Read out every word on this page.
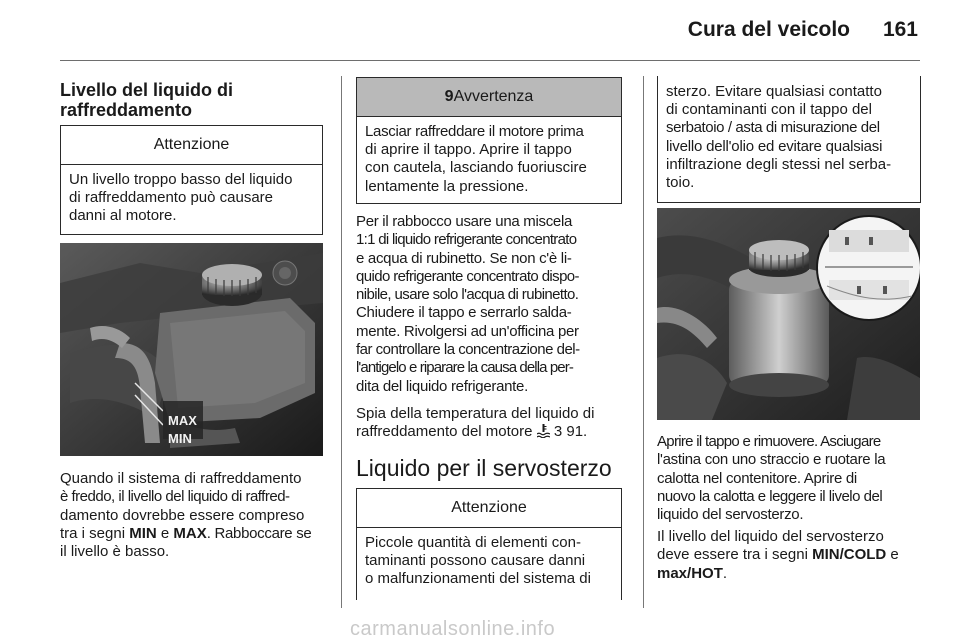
Cura del veicolo 161
Livello del liquido di
raffreddamento
Attenzione
Un livello troppo basso del liquido
di raffreddamento può causare
danni al motore.
MAX
MIN

Quando il sistema di raffreddamento
è freddo, il livello del liquido di raffred-
damento dovrebbe essere compreso
tra i segni MIN e MAX. Rabboccare se
il livello è basso.

9Avvertenza
Lasciar raffreddare il motore prima
di aprire il tappo. Aprire il tappo
con cautela, lasciando fuoriuscire
lentamente la pressione.

Per il rabbocco usare una miscela
1:1 di liquido refrigerante concentrato
e acqua di rubinetto. Se non c'è li-
quido refrigerante concentrato dispo-
nibile, usare solo l'acqua di rubinetto.
Chiudere il tappo e serrarlo salda-
mente. Rivolgersi ad un'officina per
far controllare la concentrazione del-
l'antigelo e riparare la causa della per-
dita del liquido refrigerante.

Spia della temperatura del liquido di
raffreddamento del motore 3 91.

Liquido per il servosterzo
Attenzione
Piccole quantità di elementi con-
taminanti possono causare danni
o malfunzionamenti del sistema di
sterzo. Evitare qualsiasi contatto
di contaminanti con il tappo del
serbatoio / asta di misurazione del
livello dell'olio ed evitare qualsiasi
infiltrazione degli stessi nel serba-
toio.

Aprire il tappo e rimuovere. Asciugare
l'astina con uno straccio e ruotare la
calotta nel contenitore. Aprire di
nuovo la calotta e leggere il livelo del
liquido del servosterzo.

Il livello del liquido del servosterzo
deve essere tra i segni MIN/COLD e
max/HOT.

carmanualsonline.info
